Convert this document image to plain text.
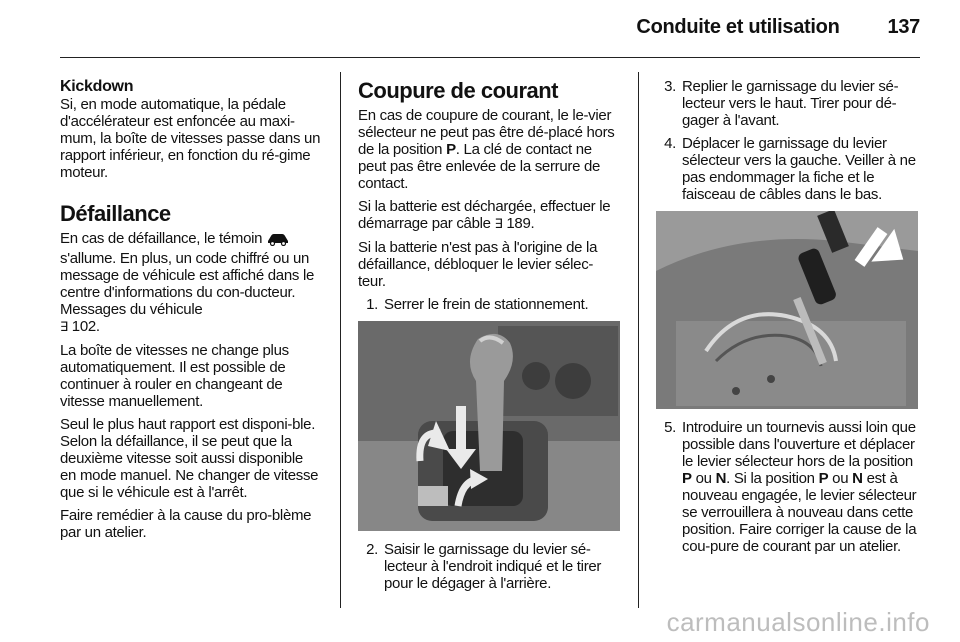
Conduite et utilisation 137
Kickdown

Si, en mode automatique, la pédale d'accélérateur est enfoncée au maxi-mum, la boîte de vitesses passe dans un rapport inférieur, en fonction du ré-gime moteur.

Défaillance

En cas de défaillance, le témoin  s'allume. En plus, un code chiffré ou un message de véhicule est affiché dans le centre d'informations du con-ducteur. Messages du véhicule
∃ 102.

La boîte de vitesses ne change plus automatiquement. Il est possible de continuer à rouler en changeant de vitesse manuellement.

Seul le plus haut rapport est disponi-ble. Selon la défaillance, il se peut que la deuxième vitesse soit aussi disponible en mode manuel. Ne changer de vitesse que si le véhicule est à l'arrêt.

Faire remédier à la cause du pro-blème par un atelier.

Coupure de courant

En cas de coupure de courant, le le-vier sélecteur ne peut pas être dé-placé hors de la position P. La clé de contact ne peut pas être enlevée de la serrure de contact.

Si la batterie est déchargée, effectuer le démarrage par câble ∃ 189.

Si la batterie n'est pas à l'origine de la défaillance, débloquer le levier sélec-teur.

1. Serrer le frein de stationnement.
2. Saisir le garnissage du levier sé-lecteur à l'endroit indiqué et le tirer pour le dégager à l'arrière.
3. Replier le garnissage du levier sé-lecteur vers le haut. Tirer pour dé-gager à l'avant.
4. Déplacer le garnissage du levier sélecteur vers la gauche. Veiller à ne pas endommager la fiche et le faisceau de câbles dans le bas.
5. Introduire un tournevis aussi loin que possible dans l'ouverture et déplacer le levier sélecteur hors de la position P ou N. Si la position P ou N est à nouveau engagée, le levier sélecteur se verrouillera à nouveau dans cette position. Faire corriger la cause de la cou-pure de courant par un atelier.
carmanualsonline.info
